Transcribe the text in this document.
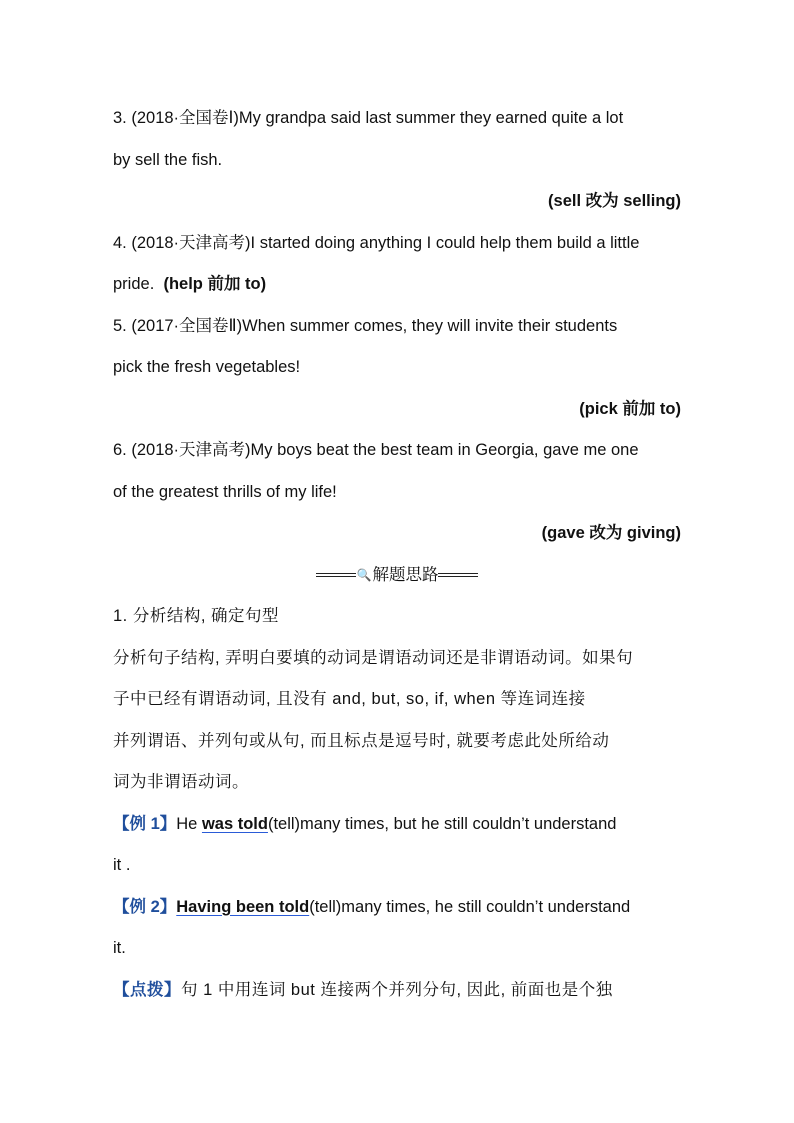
3. (2018·全国卷Ⅰ)My grandpa said last summer they earned quite a lot
by sell the fish.
(sell 改为 selling)
4. (2018·天津高考)I started doing anything I could help them build a little
pride. (help 前加 to)
5. (2017·全国卷Ⅱ)When summer comes, they will invite their students
pick the fresh vegetables!
(pick 前加 to)
6. (2018·天津高考)My boys beat the best team in Georgia, gave me one
of the greatest thrills of my life!
(gave 改为 giving)
🔍解题思路
1. 分析结构, 确定句型
分析句子结构, 弄明白要填的动词是谓语动词还是非谓语动词。如果句
子中已经有谓语动词, 且没有 and, but, so, if, when 等连词连接
并列谓语、并列句或从句, 而且标点是逗号时, 就要考虑此处所给动
词为非谓语动词。
【例 1】He was told(tell)many times, but he still couldn’t understand
it .
【例 2】Having been told(tell)many times, he still couldn’t understand
it.
【点拨】句 1 中用连词 but 连接两个并列分句, 因此, 前面也是个独
